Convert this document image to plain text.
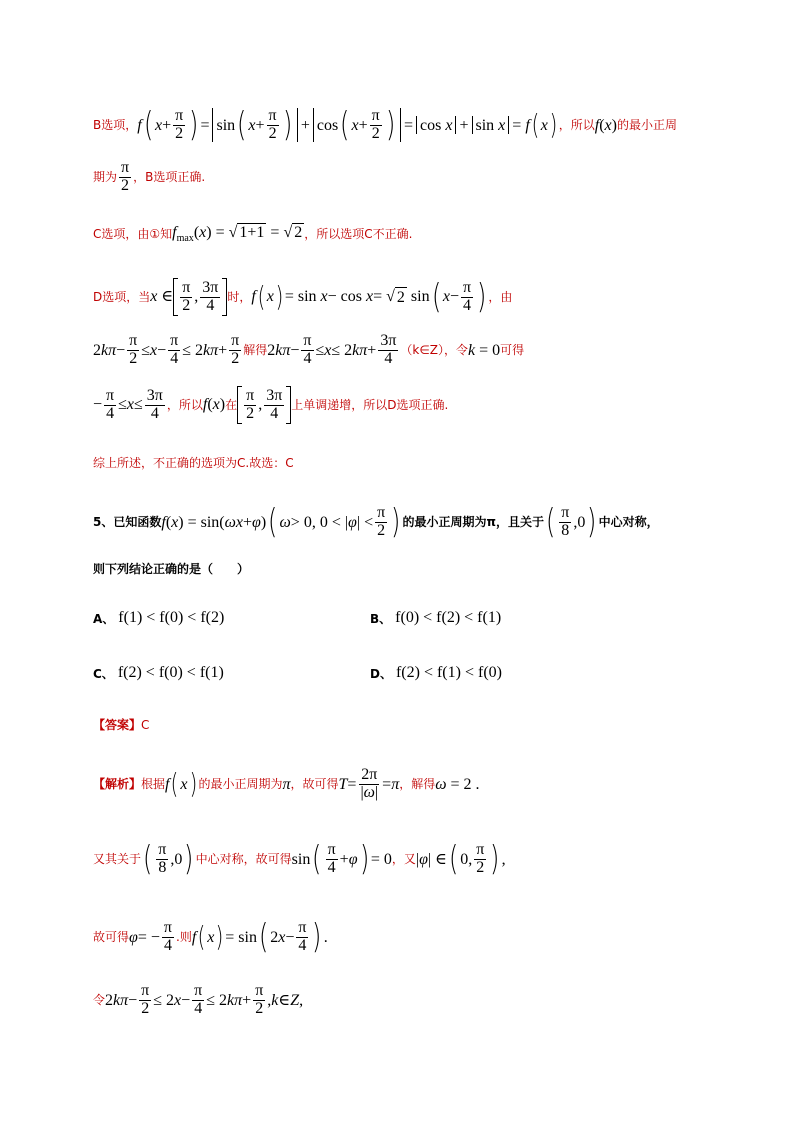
B选项， f ( $x + \frac{\pi}{2}$ ) = sin ( $x + \frac{\pi}{2}$ ) + cos ( $x + \frac{\pi}{2}$ ) = cos x + sin x = f ( x ) ，所以 f(x) 的最小正周
期为 $\frac{\pi}{2}$ ，B选项正确.
C选项，由①知 $f_{max}(x)$ = √ 1+1 = √ 2 ，所以选项C不正确.
D选项，当 x ∈ $\frac{\pi}{2}$ , $\frac{3\pi}{4}$ 时， f ( x ) = sin x − cos x = √ 2 sin ( $x - \frac{\pi}{4}$ ) ，由
2 $k\pi - \frac{\pi}{2} \le x - \frac{\pi}{4} \le 2$ $k\pi + \frac{\pi}{2}$ 解得 2 $k\pi - \frac{\pi}{4} \le x \le 2$ $k\pi + \frac{3\pi}{4}$ （k∈Z），令 k = 0 可得
− $\frac{\pi}{4} \le x \le \frac{3\pi}{4}$ ，所以 f(x) 在 $\frac{\pi}{2}$ , $\frac{3\pi}{4}$ 上单调递增，所以D选项正确.
综上所述，不正确的选项为C.故选：C
5、已知函数 f ( x ) = sin( ωx + φ ) ( ω > 0, 0 < | φ | < $\frac{\pi}{2}$ ) 的最小正周期为π，且关于 ( $\frac{\pi}{8} ,0$ ) 中心对称，
则下列结论正确的是（　　）
A、 f(1) < f(0) < f(2)	B、 f(0) < f(2) < f(1)
C、 f(2) < f(0) < f(1)	D、 f(2) < f(1) < f(0)
【答案】 C
【解析】 根据 f ( x ) 的最小正周期为 π ，故可得 $T = \frac{2\pi}{|\omega|} = \pi$ ，解得 ω = 2 .
又其关于 ( $\frac{\pi}{8} ,0$ ) 中心对称，故可得 sin ( $\frac{\pi}{4} + \varphi$ ) = 0 ，又 | φ | ∈ ( 0, $\frac{\pi}{2}$ ) ,
故可得 φ = − $\frac{\pi}{4}$ .则 f ( x ) = sin ( 2 $x - \frac{\pi}{4}$ ) .
令 2 $k\pi - \frac{\pi}{2} \le 2$ $x - \frac{\pi}{4} \le 2$ $k\pi + \frac{\pi}{2}$ , k ∈ Z ,
